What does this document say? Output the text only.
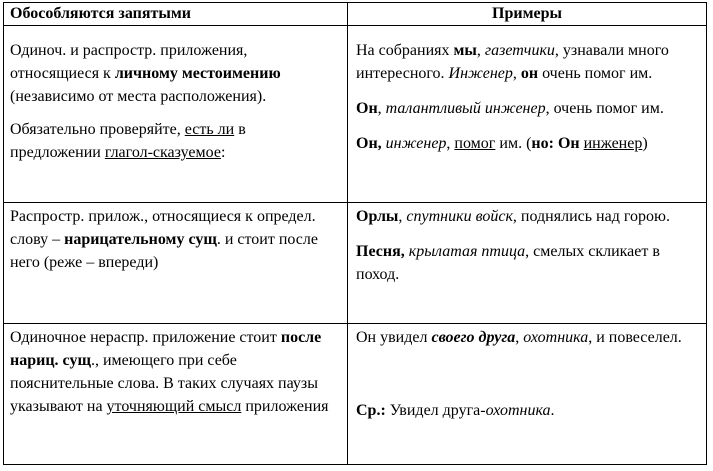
Обособляются запятыми	Примеры

Одиноч. и распростр. приложения, относящиеся к личному местоимению (независимо от места расположения).

Обязательно проверяйте, есть ли в предложении глагол-сказуемое:

На собраниях мы, газетчики, узнавали много интересного. Инженер, он очень помог им.

Он, талантливый инженер, очень помог им.

Он, инженер, помог им. (но: Он инженер)

Распростр. прилож., относящиеся к определ. слову – нарицательному сущ. и стоит после него (реже – впереди)

Орлы, спутники войск, поднялись над горою.

Песня, крылатая птица, смелых скликает в поход.

Одиночное нераспр. приложение стоит после нариц. сущ., имеющего при себе пояснительные слова. В таких случаях паузы указывают на уточняющий смысл приложения

Он увидел своего друга, охотника, и повеселел.

Ср.: Увидел друга-охотника.
